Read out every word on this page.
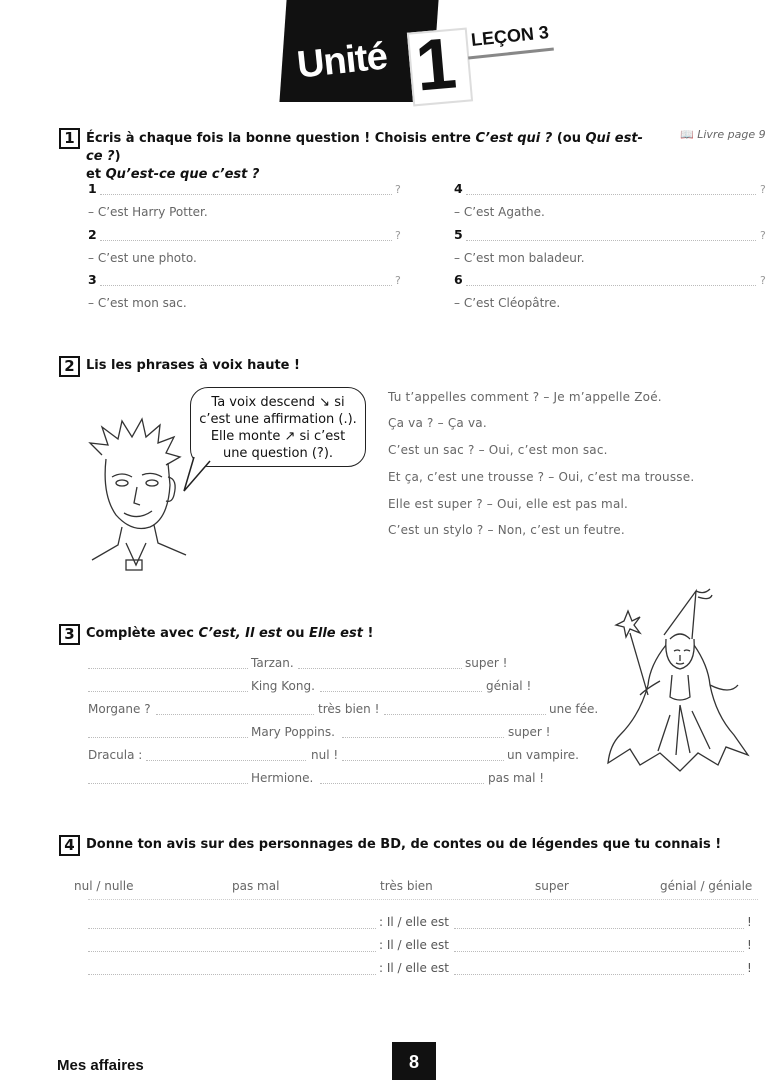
Unité 1 LEÇON 3
1 Écris à chaque fois la bonne question ! Choisis entre C’est qui ? (ou Qui est-ce ?)
et Qu’est-ce que c’est ?
📖 Livre page 9
1	?
– C’est Harry Potter.
2	?
– C’est une photo.
3	?
– C’est mon sac.
4	?
– C’est Agathe.
5	?
– C’est mon baladeur.
6	?
– C’est Cléopâtre.
2 Lis les phrases à voix haute !
Ta voix descend ↘ si
c’est une affirmation (.).
Elle monte ↗ si c’est
une question (?).
Tu t’appelles comment ? – Je m’appelle Zoé.
Ça va ? – Ça va.
C’est un sac ? – Oui, c’est mon sac.
Et ça, c’est une trousse ? – Oui, c’est ma trousse.
Elle est super ? – Oui, elle est pas mal.
C’est un stylo ? – Non, c’est un feutre.
3 Complète avec C’est, Il est ou Elle est !
Tarzan.	super !
King Kong.	génial !
Morgane ?	très bien !	une fée.
Mary Poppins.	super !
Dracula :	nul !	un vampire.
Hermione.	pas mal !
4 Donne ton avis sur des personnages de BD, de contes ou de légendes que tu connais !
nul / nulle	pas mal	très bien	super	génial / géniale
: Il / elle est	!
: Il / elle est	!
: Il / elle est	!
Mes affaires	8
